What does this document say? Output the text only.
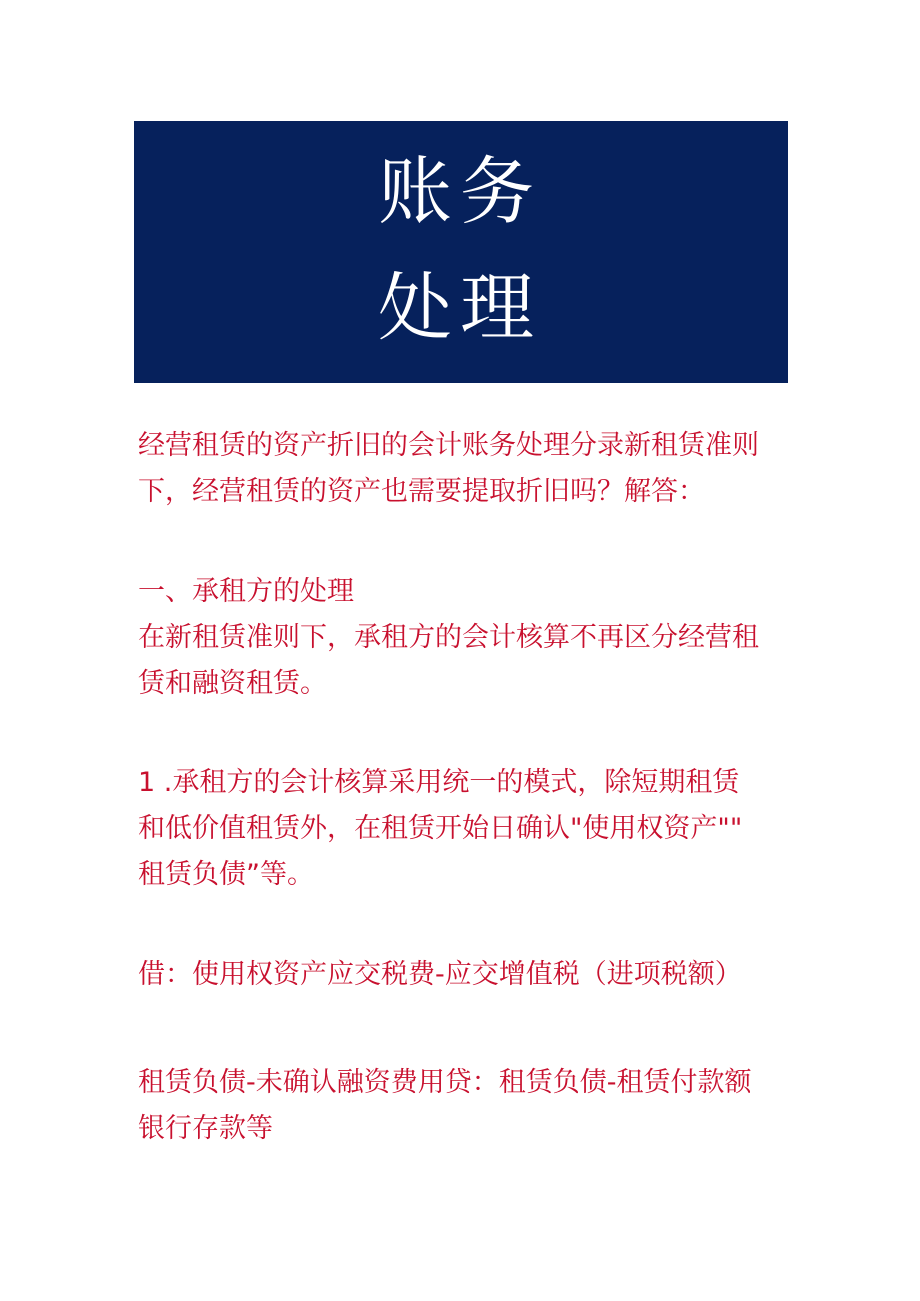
账务
处理
经营租赁的资产折旧的会计账务处理分录新租赁准则
下，经营租赁的资产也需要提取折旧吗？解答：
一、承租方的处理
在新租赁准则下，承租方的会计核算不再区分经营租
赁和融资租赁。
1 .承租方的会计核算采用统一的模式，除短期租赁
和低价值租赁外，在租赁开始日确认"使用权资产""
租赁负债”等。
借：使用权资产应交税费-应交增值税（进项税额）
租赁负债-未确认融资费用贷：租赁负债-租赁付款额
银行存款等
